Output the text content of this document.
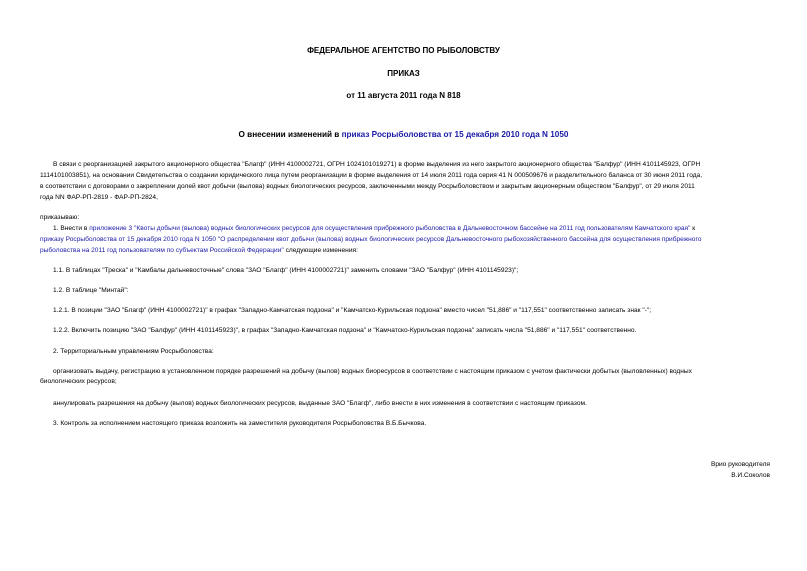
ФЕДЕРАЛЬНОЕ АГЕНТСТВО ПО РЫБОЛОВСТВУ
ПРИКАЗ
от 11 августа 2011 года N 818
О внесении изменений в приказ Росрыболовства от 15 декабря 2010 года N 1050
В связи с реорганизацией закрытого акционерного общества "Благф" (ИНН 4100002721, ОГРН 1024101019271) в форме выделения из него закрытого акционерного общества "Балфур" (ИНН 4101145923, ОГРН
1114101003851), на основании Свидетельства о создании юридического лица путем реорганизации в форме выделения от 14 июля 2011 года серия 41 N 000509676 и разделительного баланса от 30 июня 2011 года,
в соответствии с договорами о закреплении долей квот добычи (вылова) водных биологических ресурсов, заключенными между Росрыболовством и закрытым акционерным обществом "Балфур", от 29 июля 2011
года NN ФАР-РП-2819 - ФАР-РП-2824,
приказываю:
1. Внести в приложение 3 "Квоты добычи (вылова) водных биологических ресурсов для осуществления прибрежного рыболовства в Дальневосточном бассейне на 2011 год пользователям Камчатского края" к
приказу Росрыболовства от 15 декабря 2010 года N 1050 "О распределении квот добычи (вылова) водных биологических ресурсов Дальневосточного рыбохозяйственного бассейна для осуществления прибрежного
рыболовства на 2011 год пользователям по субъектам Российской Федерации" следующие изменения:
1.1. В таблицах "Треска" и "Камбалы дальневосточные" слова "ЗАО "Благф" (ИНН 4100002721)" заменить словами "ЗАО "Балфур" (ИНН 4101145923)";
1.2. В таблице "Минтай":
1.2.1. В позиции "ЗАО "Благф" (ИНН 4100002721)" в графах "Западно-Камчатская подзона" и "Камчатско-Курильская подзона" вместо чисел "51,886" и "117,551" соответственно записать знак "-";
1.2.2. Включить позицию "ЗАО "Балфур" (ИНН 4101145923)", в графах "Западно-Камчатская подзона" и "Камчатско-Курильская подзона" записать числа "51,886" и "117,551" соответственно.
2. Территориальным управлениям Росрыболовства:
организовать выдачу, регистрацию в установленном порядке разрешений на добычу (вылов) водных биоресурсов в соответствии с настоящим приказом с учетом фактически добытых (выловленных) водных
биологических ресурсов;
аннулировать разрешения на добычу (вылов) водных биологических ресурсов, выданные ЗАО "Благф", либо внести в них изменения в соответствии с настоящим приказом.
3. Контроль за исполнением настоящего приказа возложить на заместителя руководителя Росрыболовства В.Б.Бычкова.
Врио руководителя
В.И.Соколов
